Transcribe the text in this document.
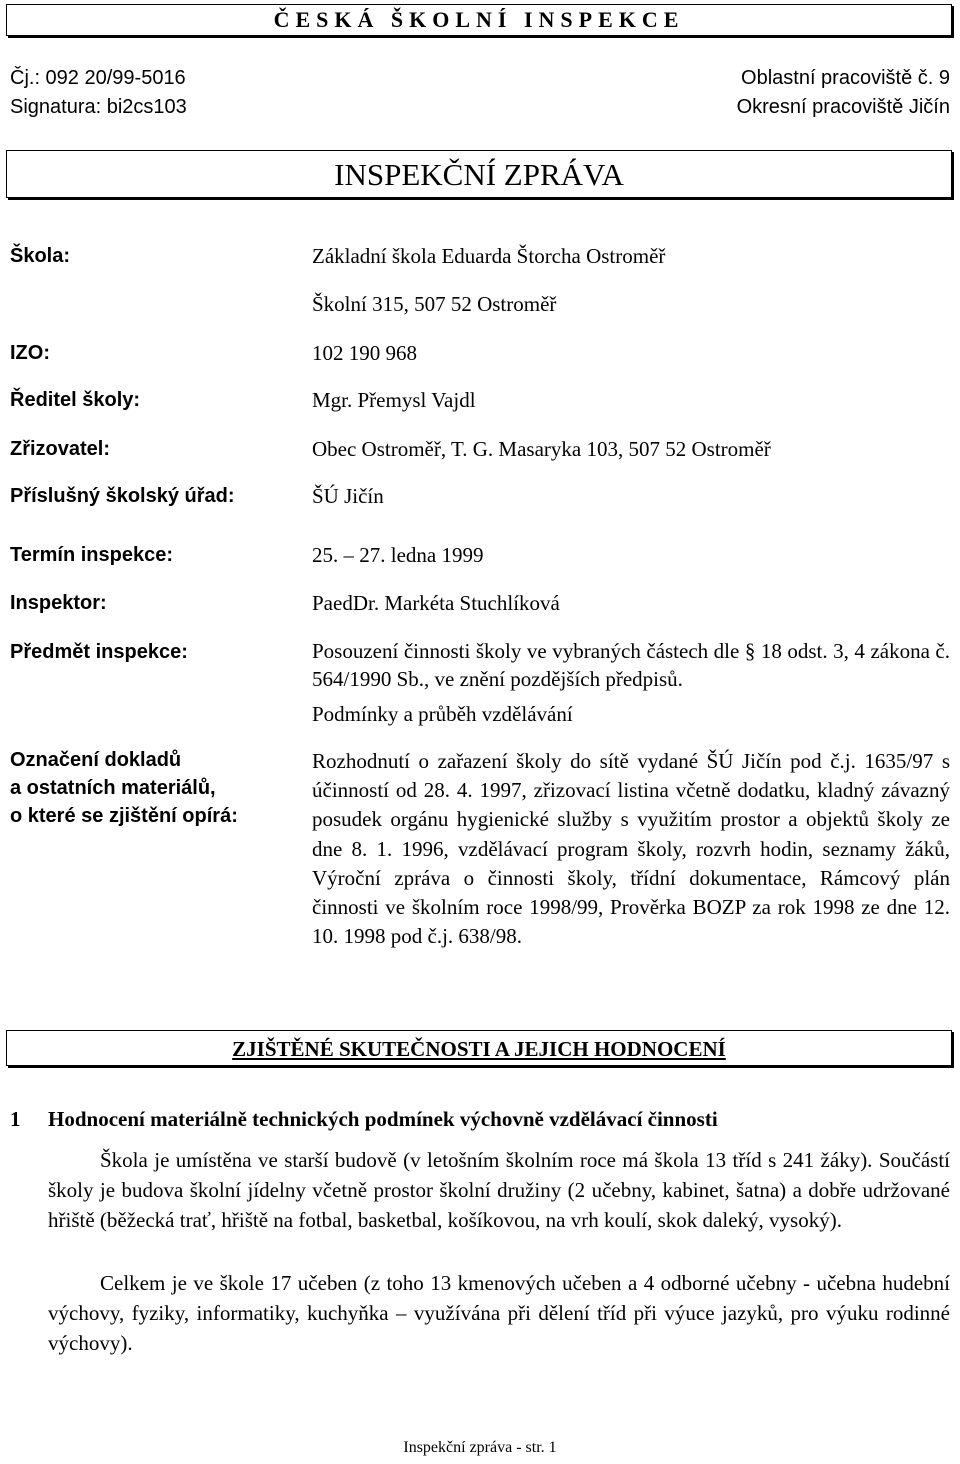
ČESKÁ ŠKOLNÍ INSPEKCE
Čj.: 092 20/99-5016
Signatura: bi2cs103
Oblastní pracoviště č. 9
Okresní pracoviště Jičín
INSPEKČNÍ ZPRÁVA
Škola:	Základní škola Eduarda Štorcha Ostroměř
Školní 315, 507 52 Ostroměř
IZO:	102 190 968
Ředitel školy:	Mgr. Přemysl Vajdl
Zřizovatel:	Obec Ostroměř, T. G. Masaryka 103, 507 52 Ostroměř
Příslušný školský úřad:	ŠÚ Jičín
Termín inspekce:	25. – 27. ledna 1999
Inspektor:	PaedDr. Markéta Stuchlíková
Předmět inspekce:	Posouzení činnosti školy ve vybraných částech dle § 18 odst. 3, 4 zákona č. 564/1990 Sb., ve znění pozdějších předpisů.
Podmínky a průběh vzdělávání
Označení dokladů
a ostatních materiálů,
o které se zjištění opírá:
Rozhodnutí o zařazení školy do sítě vydané ŠÚ Jičín pod č.j. 1635/97 s účinností od 28. 4. 1997, zřizovací listina včetně dodatku, kladný závazný posudek orgánu hygienické služby s využitím prostor a objektů školy ze dne 8. 1. 1996, vzdělávací program školy, rozvrh hodin, seznamy žáků, Výroční zpráva o činnosti školy, třídní dokumentace, Rámcový plán činnosti ve školním roce 1998/99, Prověrka BOZP za rok 1998 ze dne 12. 10. 1998 pod č.j. 638/98.
ZJIŠTĚNÉ SKUTEČNOSTI A JEJICH HODNOCENÍ
1 Hodnocení materiálně technických podmínek výchovně vzdělávací činnosti
Škola je umístěna ve starší budově (v letošním školním roce má škola 13 tříd s 241 žáky). Součástí školy je budova školní jídelny včetně prostor školní družiny (2 učebny, kabinet, šatna) a dobře udržované hřiště (běžecká trať, hřiště na fotbal, basketbal, košíkovou, na vrh koulí, skok daleký, vysoký).
Celkem je ve škole 17 učeben (z toho 13 kmenových učeben a 4 odborné učebny - učebna hudební výchovy, fyziky, informatiky, kuchyňka – využívána při dělení tříd při výuce jazyků, pro výuku rodinné výchovy).
Inspekční zpráva - str. 1
